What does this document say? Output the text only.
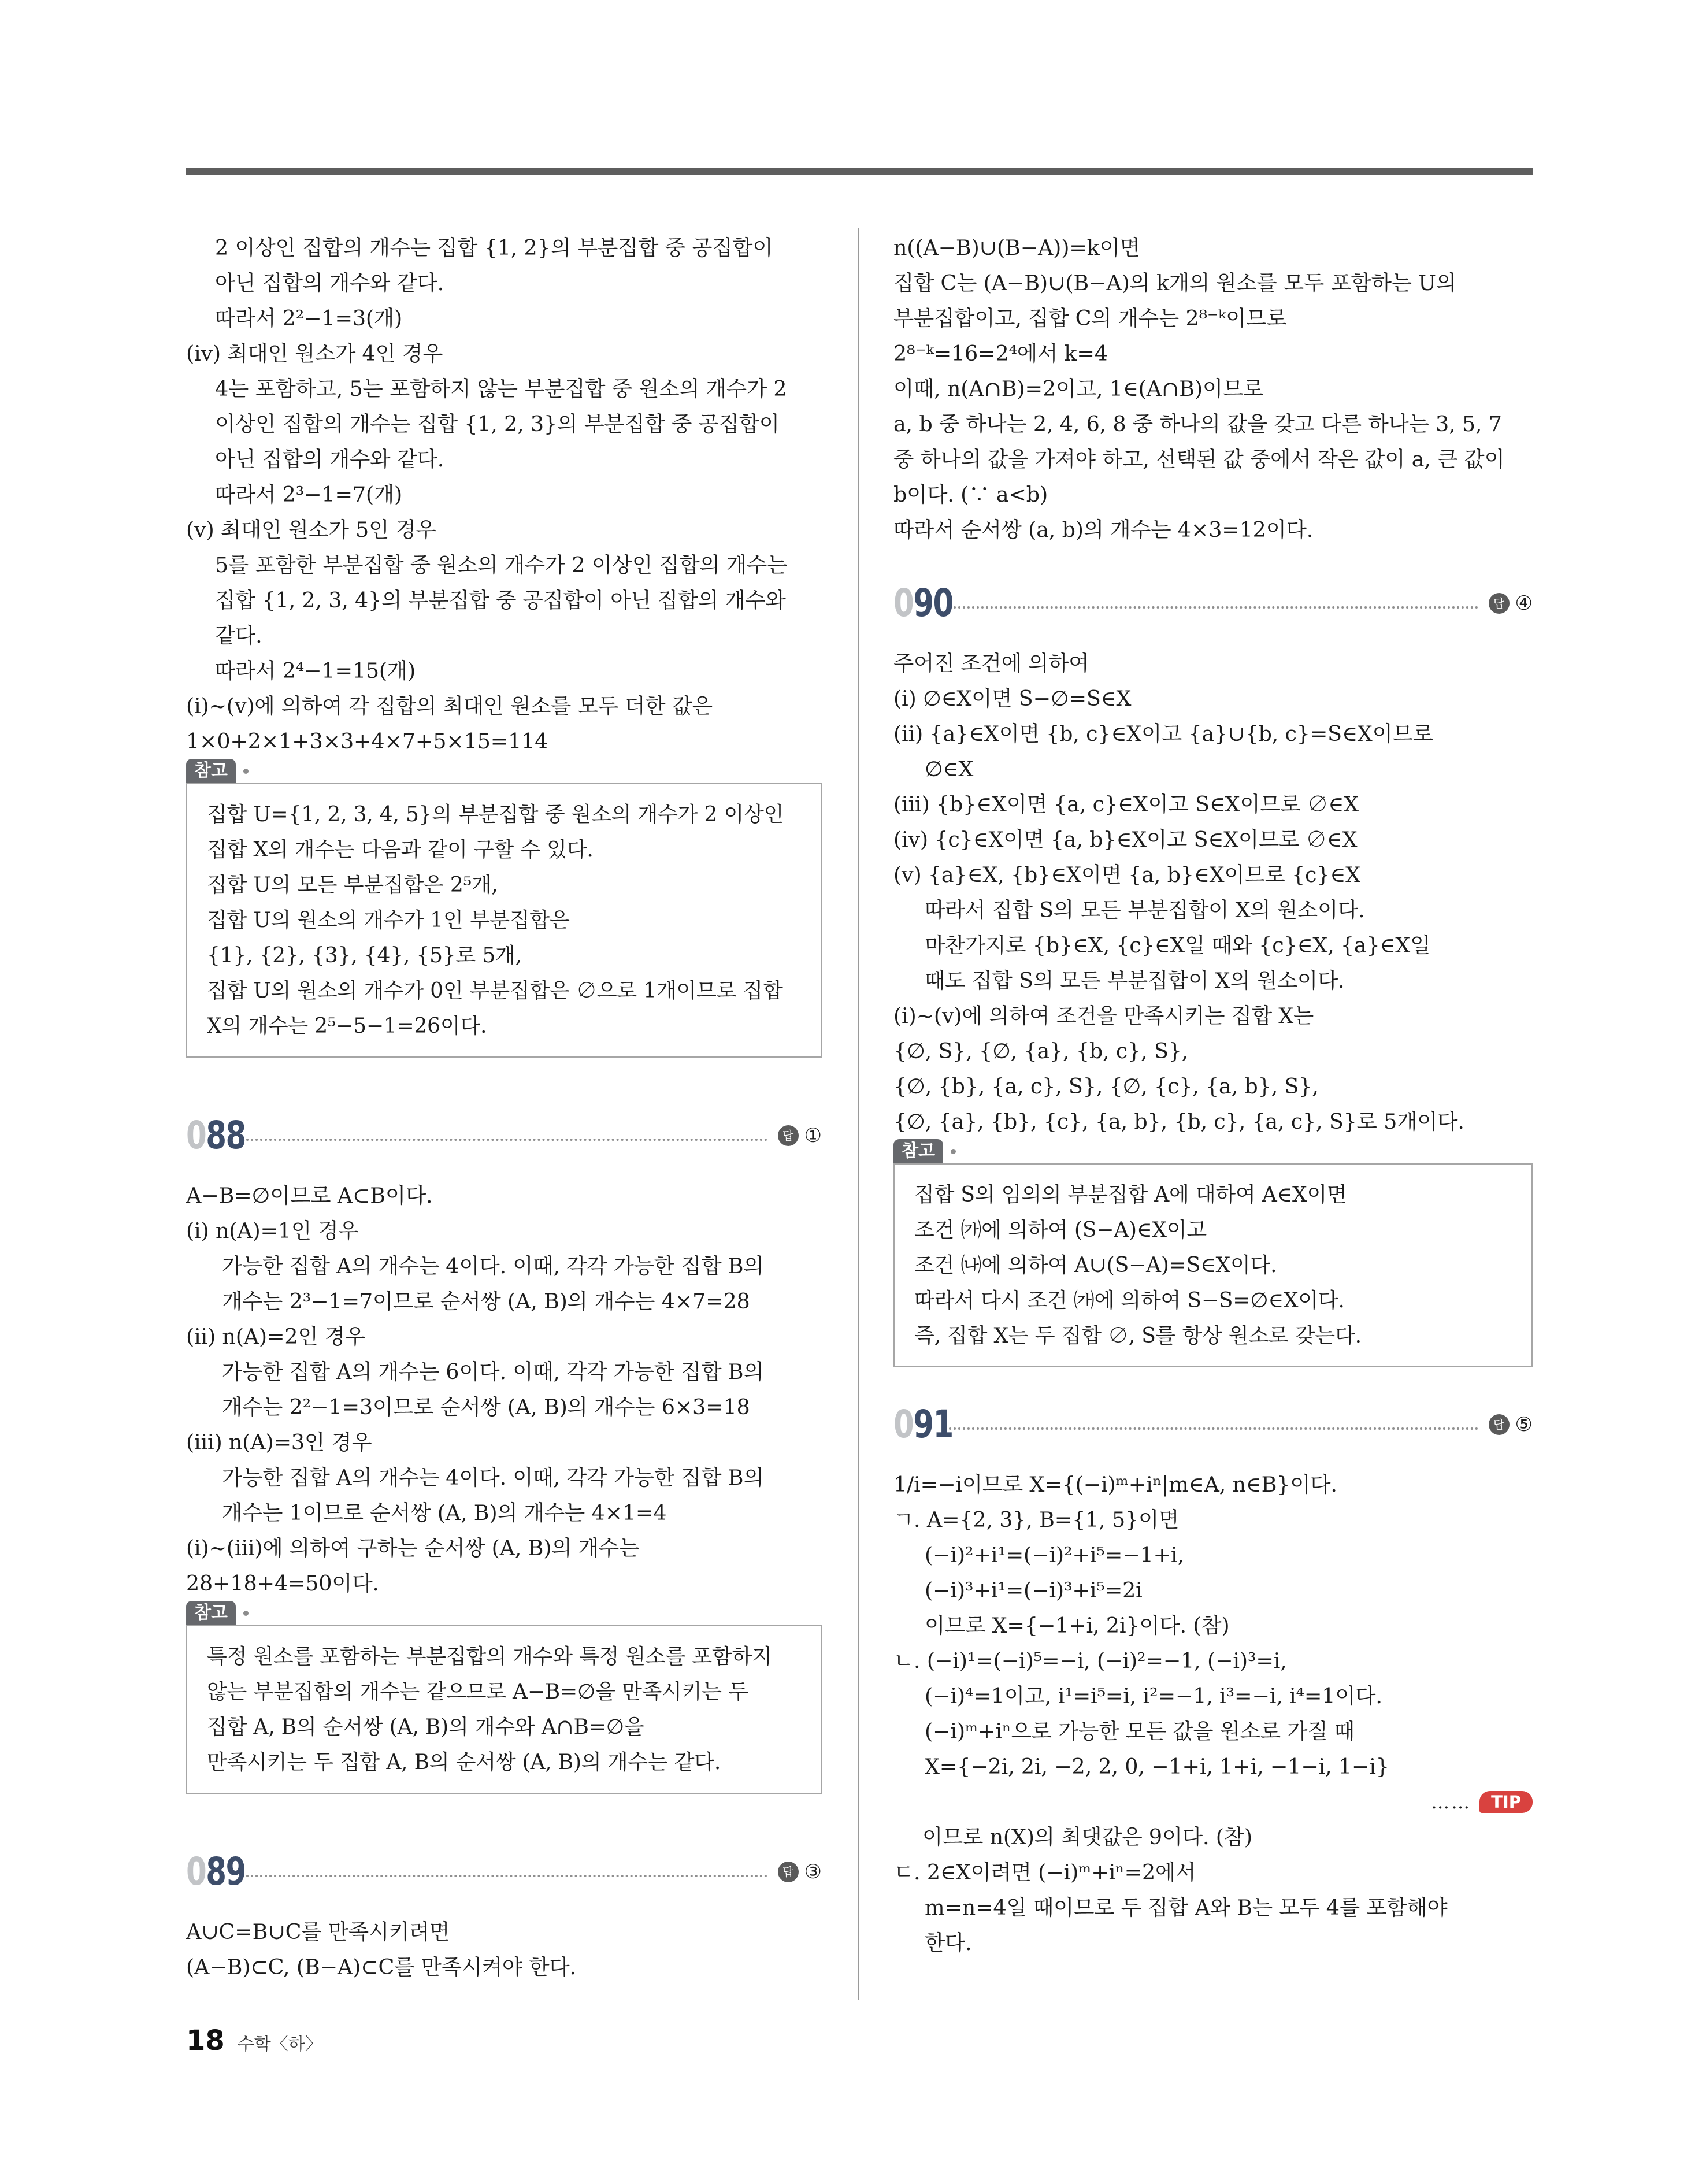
2 이상인 집합의 개수는 집합 {1, 2}의 부분집합 중 공집합이
아닌 집합의 개수와 같다.
따라서 2²−1=3(개)
(iv) 최대인 원소가 4인 경우
4는 포함하고, 5는 포함하지 않는 부분집합 중 원소의 개수가 2
이상인 집합의 개수는 집합 {1, 2, 3}의 부분집합 중 공집합이
아닌 집합의 개수와 같다.
따라서 2³−1=7(개)
(v) 최대인 원소가 5인 경우
5를 포함한 부분집합 중 원소의 개수가 2 이상인 집합의 개수는
집합 {1, 2, 3, 4}의 부분집합 중 공집합이 아닌 집합의 개수와
같다.
따라서 2⁴−1=15(개)
(i)~(v)에 의하여 각 집합의 최대인 원소를 모두 더한 값은
1×0+2×1+3×3+4×7+5×15=114
참고
집합 U={1, 2, 3, 4, 5}의 부분집합 중 원소의 개수가 2 이상인
집합 X의 개수는 다음과 같이 구할 수 있다.
집합 U의 모든 부분집합은 2⁵개,
집합 U의 원소의 개수가 1인 부분집합은
{1}, {2}, {3}, {4}, {5}로 5개,
집합 U의 원소의 개수가 0인 부분집합은 ∅으로 1개이므로 집합
X의 개수는 2⁵−5−1=26이다.
088	답 ①
A−B=∅이므로 A⊂B이다.
(i) n(A)=1인 경우
가능한 집합 A의 개수는 4이다. 이때, 각각 가능한 집합 B의
개수는 2³−1=7이므로 순서쌍 (A, B)의 개수는 4×7=28
(ii) n(A)=2인 경우
가능한 집합 A의 개수는 6이다. 이때, 각각 가능한 집합 B의
개수는 2²−1=3이므로 순서쌍 (A, B)의 개수는 6×3=18
(iii) n(A)=3인 경우
가능한 집합 A의 개수는 4이다. 이때, 각각 가능한 집합 B의
개수는 1이므로 순서쌍 (A, B)의 개수는 4×1=4
(i)~(iii)에 의하여 구하는 순서쌍 (A, B)의 개수는
28+18+4=50이다.
참고
특정 원소를 포함하는 부분집합의 개수와 특정 원소를 포함하지
않는 부분집합의 개수는 같으므로 A−B=∅을 만족시키는 두
집합 A, B의 순서쌍 (A, B)의 개수와 A∩B=∅을
만족시키는 두 집합 A, B의 순서쌍 (A, B)의 개수는 같다.
089	답 ③
A∪C=B∪C를 만족시키려면
(A−B)⊂C, (B−A)⊂C를 만족시켜야 한다.
n((A−B)∪(B−A))=k이면
집합 C는 (A−B)∪(B−A)의 k개의 원소를 모두 포함하는 U의
부분집합이고, 집합 C의 개수는 2⁸⁻ᵏ이므로
2⁸⁻ᵏ=16=2⁴에서 k=4
이때, n(A∩B)=2이고, 1∈(A∩B)이므로
a, b 중 하나는 2, 4, 6, 8 중 하나의 값을 갖고 다른 하나는 3, 5, 7
중 하나의 값을 가져야 하고, 선택된 값 중에서 작은 값이 a, 큰 값이
b이다. (∵ a<b)
따라서 순서쌍 (a, b)의 개수는 4×3=12이다.
090	답 ④
주어진 조건에 의하여
(i) ∅∈X이면 S−∅=S∈X
(ii) {a}∈X이면 {b, c}∈X이고 {a}∪{b, c}=S∈X이므로
∅∈X
(iii) {b}∈X이면 {a, c}∈X이고 S∈X이므로 ∅∈X
(iv) {c}∈X이면 {a, b}∈X이고 S∈X이므로 ∅∈X
(v) {a}∈X, {b}∈X이면 {a, b}∈X이므로 {c}∈X
따라서 집합 S의 모든 부분집합이 X의 원소이다.
마찬가지로 {b}∈X, {c}∈X일 때와 {c}∈X, {a}∈X일
때도 집합 S의 모든 부분집합이 X의 원소이다.
(i)~(v)에 의하여 조건을 만족시키는 집합 X는
{∅, S}, {∅, {a}, {b, c}, S},
{∅, {b}, {a, c}, S}, {∅, {c}, {a, b}, S},
{∅, {a}, {b}, {c}, {a, b}, {b, c}, {a, c}, S}로 5개이다.
참고
집합 S의 임의의 부분집합 A에 대하여 A∈X이면
조건 ㈎에 의하여 (S−A)∈X이고
조건 ㈏에 의하여 A∪(S−A)=S∈X이다.
따라서 다시 조건 ㈎에 의하여 S−S=∅∈X이다.
즉, 집합 X는 두 집합 ∅, S를 항상 원소로 갖는다.
091	답 ⑤
1/i=−i이므로 X={(−i)ᵐ+iⁿ|m∈A, n∈B}이다.
ㄱ. A={2, 3}, B={1, 5}이면
(−i)²+i¹=(−i)²+i⁵=−1+i,
(−i)³+i¹=(−i)³+i⁵=2i
이므로 X={−1+i, 2i}이다. (참)
ㄴ. (−i)¹=(−i)⁵=−i, (−i)²=−1, (−i)³=i,
(−i)⁴=1이고, i¹=i⁵=i, i²=−1, i³=−i, i⁴=1이다.
(−i)ᵐ+iⁿ으로 가능한 모든 값을 원소로 가질 때
X={−2i, 2i, −2, 2, 0, −1+i, 1+i, −1−i, 1−i}
……	TIP
이므로 n(X)의 최댓값은 9이다. (참)
ㄷ. 2∈X이려면 (−i)ᵐ+iⁿ=2에서
m=n=4일 때이므로 두 집합 A와 B는 모두 4를 포함해야
한다.
18 수학〈하〉
